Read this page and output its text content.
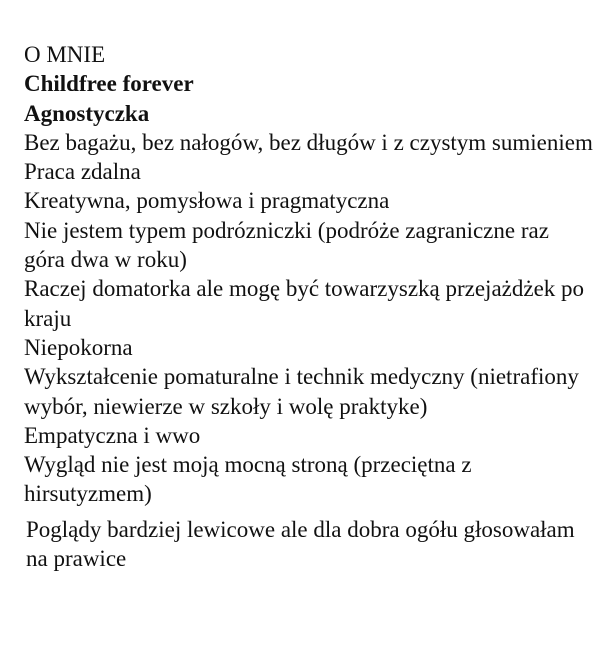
O MNIE

Childfree forever

Agnostyczka

Bez bagażu, bez nałogów, bez długów i z czystym sumieniem

Praca zdalna

Kreatywna, pomysłowa i pragmatyczna

Nie jestem typem podrózniczki (podróże zagraniczne raz góra dwa w roku)

Raczej domatorka ale mogę być towarzyszką przejażdżek po kraju

Niepokorna

Wykształcenie pomaturalne i technik medyczny (nietrafiony wybór, niewierze w szkoły i wolę praktyke)

Empatyczna i wwo

Wygląd nie jest moją mocną stroną (przeciętna z hirsutyzmem)

Poglądy bardziej lewicowe ale dla dobra ogółu głosowałam na prawice
